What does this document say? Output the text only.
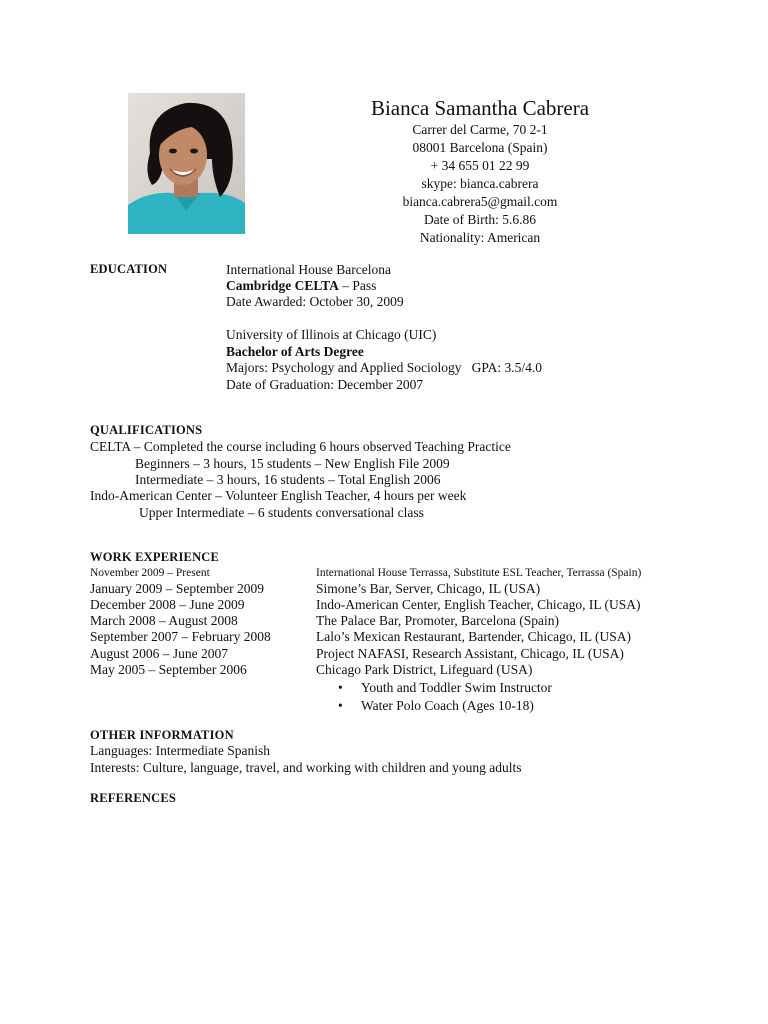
Bianca Samantha Cabrera
Carrer del Carme, 70 2-1
08001 Barcelona (Spain)
+ 34 655 01 22 99
skype: bianca.cabrera
bianca.cabrera5@gmail.com
Date of Birth: 5.6.86
Nationality: American
EDUCATION	International House Barcelona
Cambridge CELTA – Pass
Date Awarded: October 30, 2009
University of Illinois at Chicago (UIC)
Bachelor of Arts Degree
Majors: Psychology and Applied Sociology   GPA: 3.5/4.0
Date of Graduation: December 2007
QUALIFICATIONS
CELTA – Completed the course including 6 hours observed Teaching Practice
Beginners – 3 hours, 15 students – New English File 2009
Intermediate – 3 hours, 16 students – Total English 2006
Indo-American Center – Volunteer English Teacher, 4 hours per week
Upper Intermediate – 6 students conversational class
WORK EXPERIENCE
November 2009 – Present	International House Terrassa, Substitute ESL Teacher, Terrassa (Spain)
January 2009 – September 2009	Simone’s Bar, Server, Chicago, IL (USA)
December 2008 – June 2009	Indo-American Center, English Teacher, Chicago, IL (USA)
March 2008 – August 2008	The Palace Bar, Promoter, Barcelona (Spain)
September 2007 – February 2008	Lalo’s Mexican Restaurant, Bartender, Chicago, IL (USA)
August 2006 – June 2007	Project NAFASI, Research Assistant, Chicago, IL (USA)
May 2005 – September 2006	Chicago Park District, Lifeguard (USA)
• Youth and Toddler Swim Instructor
• Water Polo Coach (Ages 10-18)
OTHER INFORMATION
Languages: Intermediate Spanish
Interests: Culture, language, travel, and working with children and young adults
REFERENCES
